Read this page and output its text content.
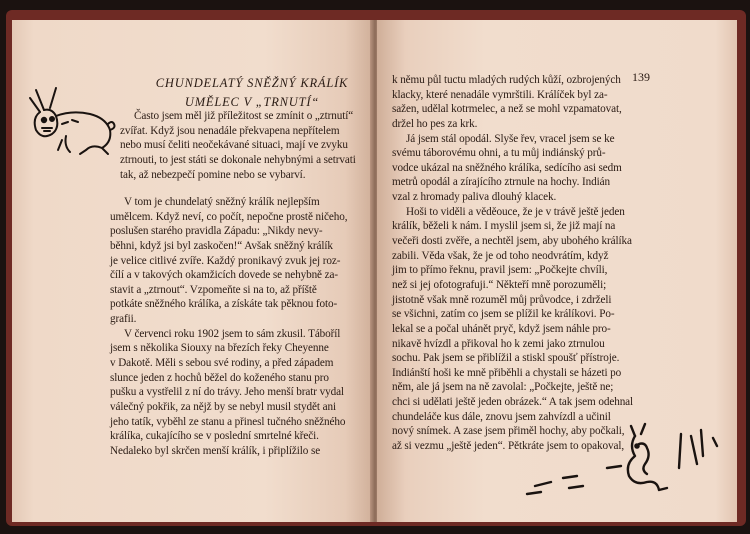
CHUNDELATÝ SNĚŽNÝ KRÁLÍK
UMĚLEC V „TRNUTÍ“
Často jsem měl již příležitost se zmínit o „ztrnutí“
zvířat. Když jsou nenadále překvapena nepřítelem
nebo musí čeliti neočekávané situaci, mají ve zvyku
ztrnouti, to jest státi se dokonale nehybnými a setrvati
tak, až nebezpečí pomine nebo se vybarví.
V tom je chundelatý sněžný králík nejlepším
umělcem. Když neví, co počít, nepočne prostě ničeho,
poslušen starého pravidla Západu: „Nikdy nevy-
běhni, když jsi byl zaskočen!“ Avšak sněžný králík
je velice citlivé zvíře. Každý pronikavý zvuk jej roz-
čílí a v takových okamžicích dovede se nehybně za-
stavit a „ztrnout“. Vzpomeňte si na to, až příště
potkáte sněžného králíka, a získáte tak pěknou foto-
grafii.
V červenci roku 1902 jsem to sám zkusil. Táboříl
jsem s několika Siouxy na březích řeky Cheyenne
v Dakotě. Měli s sebou své rodiny, a před západem
slunce jeden z hochů běžel do koženého stanu pro
pušku a vystřelil z ní do trávy. Jeho menší bratr vydal
válečný pokřik, za nějž by se nebyl musil stydět ani
jeho tatík, vyběhl ze stanu a přinesl tučného sněžného
králíka, cukajícího se v poslední smrtelné křeči.
Nedaleko byl skrčen menší králík, i připlížilo se
139
k němu půl tuctu mladých rudých kůží, ozbrojených
klacky, které nenadále vymrštili. Králíček byl za-
sažen, udělal kotrmelec, a než se mohl vzpamatovat,
držel ho pes za krk.
Já jsem stál opodál. Slyše řev, vracel jsem se ke
svému táborovému ohni, a tu můj indiánský prů-
vodce ukázal na sněžného králíka, sedícího asi sedm
metrů opodál a zírajícího ztrnule na hochy. Indián
vzal z hromady paliva dlouhý klacek.
Hoši to viděli a věděouce, že je v trávě ještě jeden
králík, běželi k nám. I myslil jsem si, že již mají na
večeři dosti zvěře, a nechtěl jsem, aby ubohého králíka
zabili. Věda však, že je od toho neodvrátím, když
jim to přímo řeknu, pravil jsem: „Počkejte chvíli,
než si jej ofotografuji.“ Někteří mně porozuměli;
jistotně však mně rozuměl můj průvodce, i zdrželi
se všichni, zatím co jsem se plížil ke králíkovi. Po-
lekal se a počal uhánět pryč, když jsem náhle pro-
nikavě hvízdl a přikoval ho k zemi jako ztrnulou
sochu. Pak jsem se přiblížil a stiskl spoušť přístroje.
Indiánští hoši ke mně přiběhli a chystali se házeti po
něm, ale já jsem na ně zavolal: „Počkejte, ještě ne;
chci si udělati ještě jeden obrázek.“ A tak jsem odehnal
chundeláče kus dále, znovu jsem zahvízdl a učinil
nový snímek. A zase jsem přiměl hochy, aby počkali,
až si vezmu „ještě jeden“. Pětkráte jsem to opakoval,
